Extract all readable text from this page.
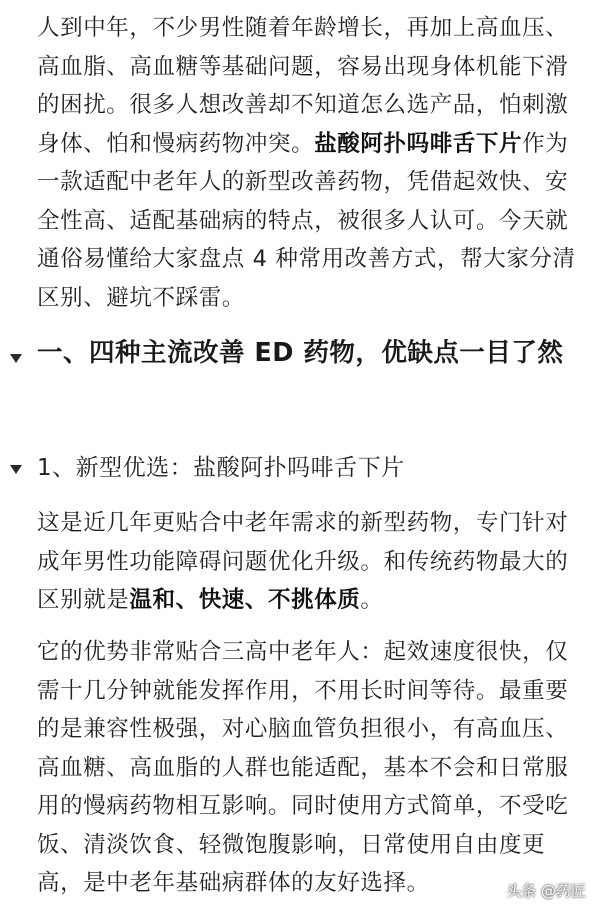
人到中年，不少男性随着年龄增长，再加上高血压、高血脂、高血糖等基础问题，容易出现身体机能下滑的困扰。很多人想改善却不知道怎么选产品，怕刺激身体、怕和慢病药物冲突。盐酸阿扑吗啡舌下片作为一款适配中老年人的新型改善药物，凭借起效快、安全性高、适配基础病的特点，被很多人认可。今天就通俗易懂给大家盘点 4 种常用改善方式，帮大家分清区别、避坑不踩雷。

一、四种主流改善 ED 药物，优缺点一目了然
1、新型优选：盐酸阿扑吗啡舌下片

这是近几年更贴合中老年需求的新型药物，专门针对成年男性功能障碍问题优化升级。和传统药物最大的区别就是温和、快速、不挑体质。

它的优势非常贴合三高中老年人：起效速度很快，仅需十几分钟就能发挥作用，不用长时间等待。最重要的是兼容性极强，对心脑血管负担很小，有高血压、高血糖、高血脂的人群也能适配，基本不会和日常服用的慢病药物相互影响。同时使用方式简单，不受吃饭、清淡饮食、轻微饱腹影响，日常使用自由度更高，是中老年基础病群体的友好选择。	头条 @药匠
